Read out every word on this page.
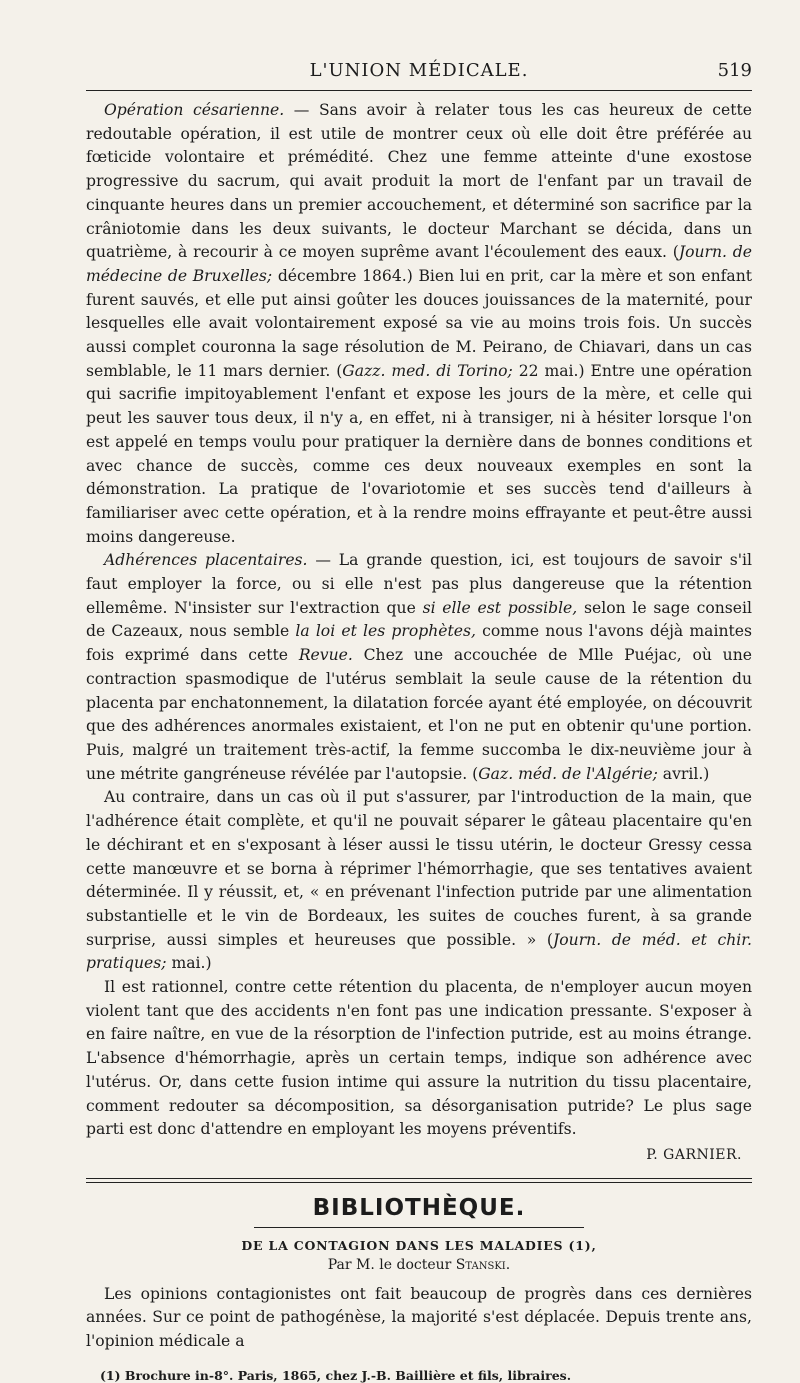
L'UNION MÉDICALE.	519

Opération césarienne. — Sans avoir à relater tous les cas heureux de cette redoutable opération, il est utile de montrer ceux où elle doit être préférée au fœticide volontaire et prémédité. Chez une femme atteinte d'une exostose progressive du sacrum, qui avait produit la mort de l'enfant par un travail de cinquante heures dans un premier accouchement, et déterminé son sacrifice par la crâniotomie dans les deux suivants, le docteur Marchant se décida, dans un quatrième, à recourir à ce moyen suprême avant l'écoulement des eaux. (Journ. de médecine de Bruxelles; décembre 1864.) Bien lui en prit, car la mère et son enfant furent sauvés, et elle put ainsi goûter les douces jouissances de la maternité, pour lesquelles elle avait volontairement exposé sa vie au moins trois fois. Un succès aussi complet couronna la sage résolution de M. Peirano, de Chiavari, dans un cas semblable, le 11 mars dernier. (Gazz. med. di Torino; 22 mai.) Entre une opération qui sacrifie impitoyablement l'enfant et expose les jours de la mère, et celle qui peut les sauver tous deux, il n'y a, en effet, ni à transiger, ni à hésiter lorsque l'on est appelé en temps voulu pour pratiquer la dernière dans de bonnes conditions et avec chance de succès, comme ces deux nouveaux exemples en sont la démonstration. La pratique de l'ovariotomie et ses succès tend d'ailleurs à familiariser avec cette opération, et à la rendre moins effrayante et peut-être aussi moins dangereuse.

Adhérences placentaires. — La grande question, ici, est toujours de savoir s'il faut employer la force, ou si elle n'est pas plus dangereuse que la rétention ellemême. N'insister sur l'extraction que si elle est possible, selon le sage conseil de Cazeaux, nous semble la loi et les prophètes, comme nous l'avons déjà maintes fois exprimé dans cette Revue. Chez une accouchée de Mlle Puéjac, où une contraction spasmodique de l'utérus semblait la seule cause de la rétention du placenta par enchatonnement, la dilatation forcée ayant été employée, on découvrit que des adhérences anormales existaient, et l'on ne put en obtenir qu'une portion. Puis, malgré un traitement très-actif, la femme succomba le dix-neuvième jour à une métrite gangréneuse révélée par l'autopsie. (Gaz. méd. de l'Algérie; avril.)

Au contraire, dans un cas où il put s'assurer, par l'introduction de la main, que l'adhérence était complète, et qu'il ne pouvait séparer le gâteau placentaire qu'en le déchirant et en s'exposant à léser aussi le tissu utérin, le docteur Gressy cessa cette manœuvre et se borna à réprimer l'hémorrhagie, que ses tentatives avaient déterminée. Il y réussit, et, « en prévenant l'infection putride par une alimentation substantielle et le vin de Bordeaux, les suites de couches furent, à sa grande surprise, aussi simples et heureuses que possible. » (Journ. de méd. et chir. pratiques; mai.)

Il est rationnel, contre cette rétention du placenta, de n'employer aucun moyen violent tant que des accidents n'en font pas une indication pressante. S'exposer à en faire naître, en vue de la résorption de l'infection putride, est au moins étrange. L'absence d'hémorrhagie, après un certain temps, indique son adhérence avec l'utérus. Or, dans cette fusion intime qui assure la nutrition du tissu placentaire, comment redouter sa décomposition, sa désorganisation putride? Le plus sage parti est donc d'attendre en employant les moyens préventifs.

P. GARNIER.
BIBLIOTHÈQUE.
DE LA CONTAGION DANS LES MALADIES (1),
Par M. le docteur Stanski.

Les opinions contagionistes ont fait beaucoup de progrès dans ces dernières années. Sur ce point de pathogénèse, la majorité s'est déplacée. Depuis trente ans, l'opinion médicale a

(1) Brochure in-8°. Paris, 1865, chez J.-B. Baillière et fils, libraires.
